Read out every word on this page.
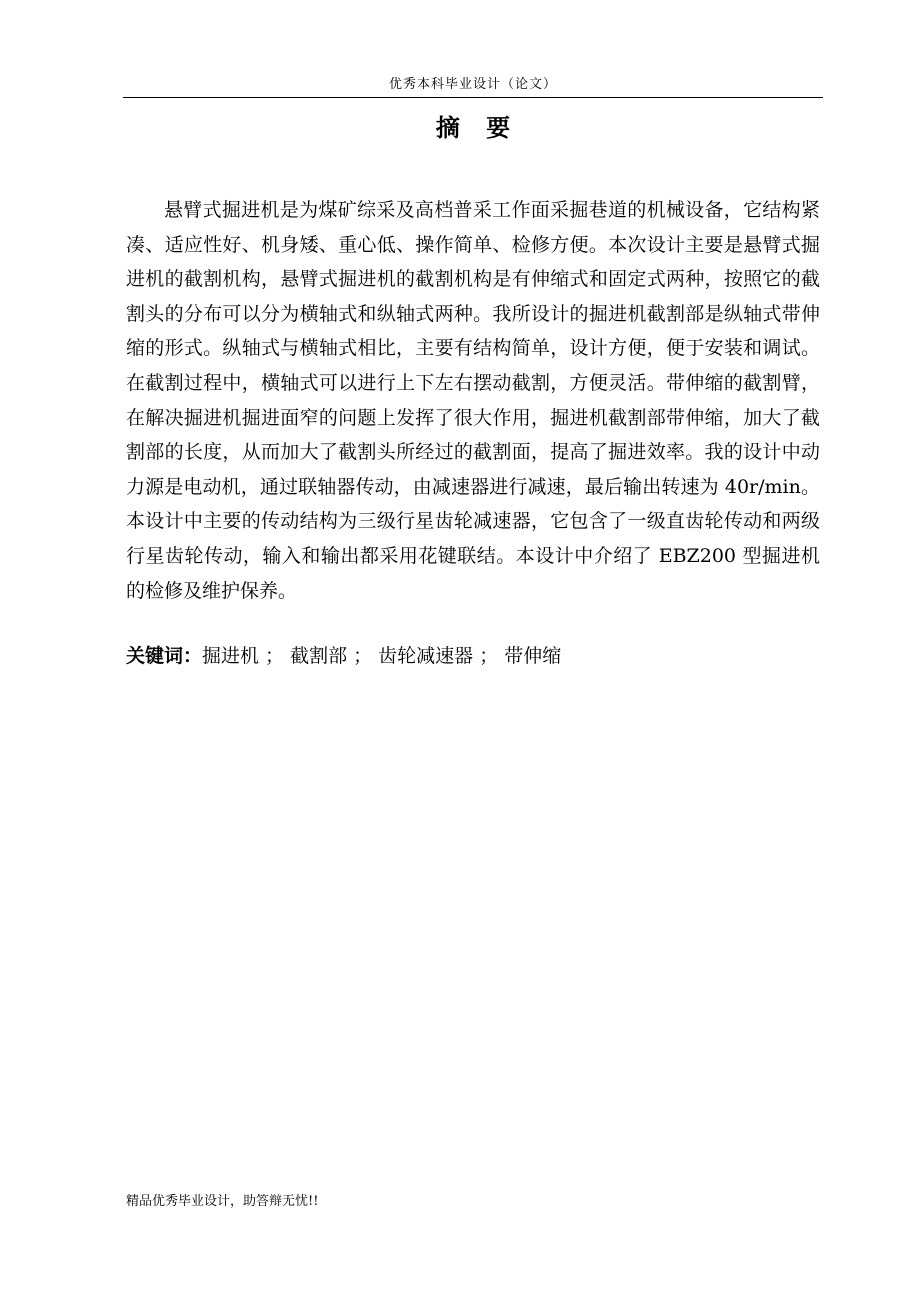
优秀本科毕业设计（论文）
摘 要

悬臂式掘进机是为煤矿综采及高档普采工作面采掘巷道的机械设备，它结构紧凑、适应性好、机身矮、重心低、操作简单、检修方便。本次设计主要是悬臂式掘进机的截割机构，悬臂式掘进机的截割机构是有伸缩式和固定式两种，按照它的截割头的分布可以分为横轴式和纵轴式两种。我所设计的掘进机截割部是纵轴式带伸缩的形式。纵轴式与横轴式相比，主要有结构简单，设计方便，便于安装和调试。在截割过程中，横轴式可以进行上下左右摆动截割，方便灵活。带伸缩的截割臂，在解决掘进机掘进面窄的问题上发挥了很大作用，掘进机截割部带伸缩，加大了截割部的长度，从而加大了截割头所经过的截割面，提高了掘进效率。我的设计中动力源是电动机，通过联轴器传动，由减速器进行减速，最后输出转速为 40r/min。本设计中主要的传动结构为三级行星齿轮减速器，它包含了一级直齿轮传动和两级行星齿轮传动，输入和输出都采用花键联结。本设计中介绍了 EBZ200 型掘进机的检修及维护保养。

关键词：掘进机 ； 截割部 ； 齿轮减速器 ； 带伸缩
精品优秀毕业设计，助答辩无忧!!
